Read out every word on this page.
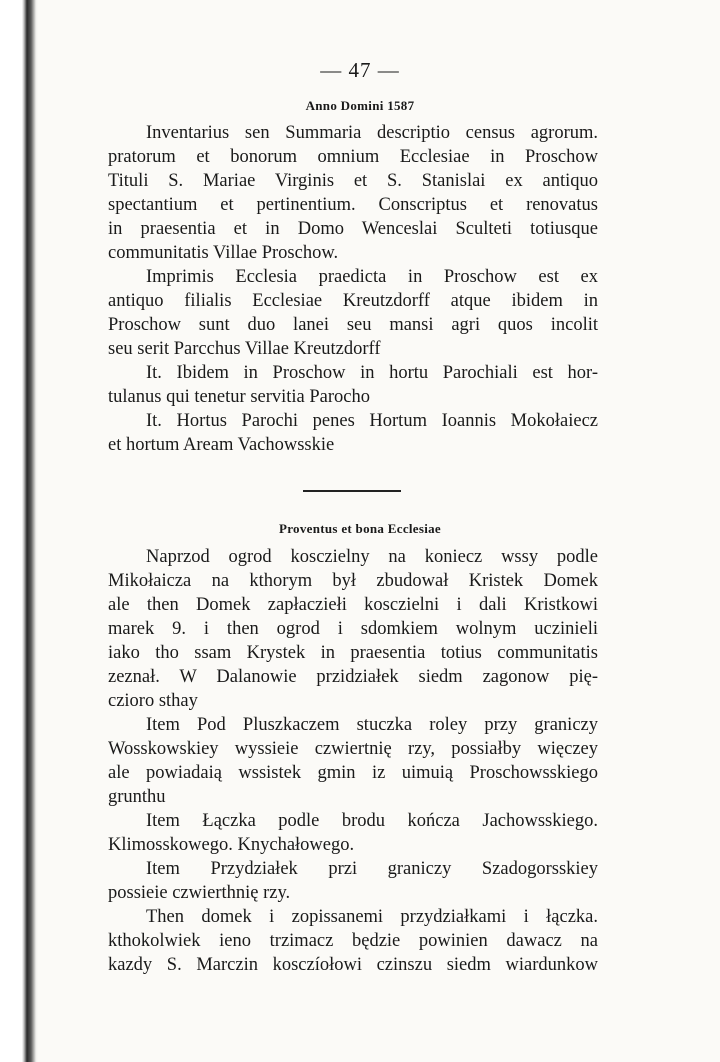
— 47 —
Anno Domini 1587
Inventarius sen Summaria descriptio census agrorum.
pratorum et bonorum omnium Ecclesiae in Proschow
Tituli S. Mariae Virginis et S. Stanislai ex antiquo
spectantium et pertinentium. Conscriptus et renovatus
in praesentia et in Domo Wenceslai Sculteti totiusque
communitatis Villae Proschow.
Imprimis Ecclesia praedicta in Proschow est ex
antiquo filialis Ecclesiae Kreutzdorff atque ibidem in
Proschow sunt duo lanei seu mansi agri quos incolit
seu serit Parcchus Villae Kreutzdorff
It. Ibidem in Proschow in hortu Parochiali est hor-
tulanus qui tenetur servitia Parocho
It. Hortus Parochi penes Hortum Ioannis Mokołaiecz
et hortum Aream Vachowsskie
Proventus et bona Ecclesiae
Naprzod ogrod kosczielny na koniecz wssy podle
Mikołaicza na kthorym był zbudował Kristek Domek
ale then Domek zapłacziełi kosczielni i dali Kristkowi
marek 9. i then ogrod i sdomkiem wolnym uczinieli
iako tho ssam Krystek in praesentia totius communitatis
zeznał. W Dalanowie przidziałek siedm zagonow pię-
czioro sthay
Item Pod Pluszkaczem stuczka roley przy graniczy
Wosskowskiey wyssieie czwiertnię rzy, possiałby więczey
ale powiadaią wssistek gmin iz uimuią Proschowsskiego
grunthu
Item Łączka podle brodu kończa Jachowsskiego.
Klimosskowego. Knychałowego.
Item Przydziałek przi graniczy Szadogorsskiey
possieie czwierthnię rzy.
Then domek i zopissanemi przydziałkami i łączka.
kthokolwiek ieno trzimacz będzie powinien dawacz na
kazdy S. Marczin kosczíołowi czinszu siedm wiardunkow
